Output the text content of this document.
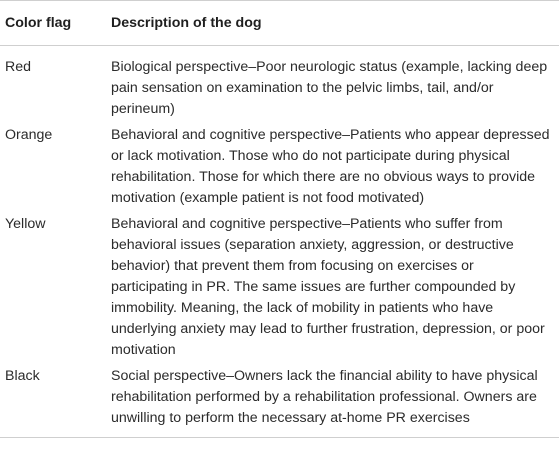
Color flag	Description of the dog
Red	Biological perspective–Poor neurologic status (example, lacking deep pain sensation on examination to the pelvic limbs, tail, and/or perineum)
Orange	Behavioral and cognitive perspective–Patients who appear depressed or lack motivation. Those who do not participate during physical rehabilitation. Those for which there are no obvious ways to provide motivation (example patient is not food motivated)
Yellow	Behavioral and cognitive perspective–Patients who suffer from behavioral issues (separation anxiety, aggression, or destructive behavior) that prevent them from focusing on exercises or participating in PR. The same issues are further compounded by immobility. Meaning, the lack of mobility in patients who have underlying anxiety may lead to further frustration, depression, or poor motivation
Black	Social perspective–Owners lack the financial ability to have physical rehabilitation performed by a rehabilitation professional. Owners are unwilling to perform the necessary at-home PR exercises
